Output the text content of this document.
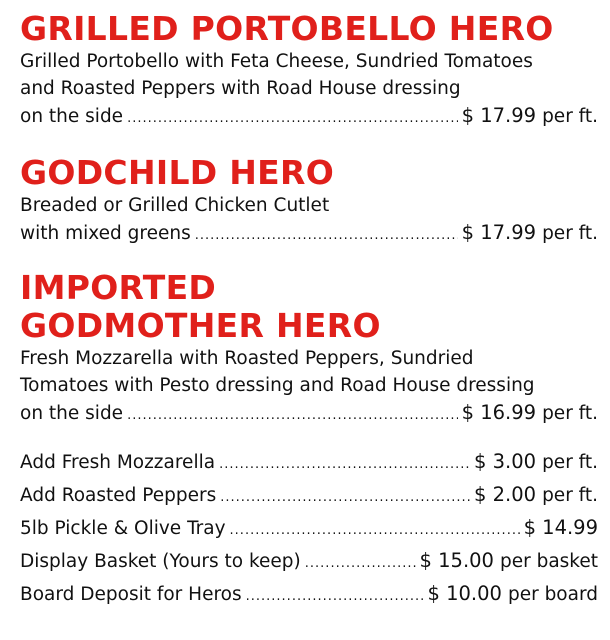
GRILLED PORTOBELLO HERO

Grilled Portobello with Feta Cheese, Sundried Tomatoes

and Roasted Peppers with Road House dressing

on the side .....	$ 17.99 per ft.
GODCHILD HERO

Breaded or Grilled Chicken Cutlet

with mixed greens .....	$ 17.99 per ft.
IMPORTED
GODMOTHER HERO

Fresh Mozzarella with Roasted Peppers, Sundried

Tomatoes with Pesto dressing and Road House dressing

on the side .....	$ 16.99 per ft.
Add Fresh Mozzarella .....	$ 3.00 per ft.
Add Roasted Peppers .....	$ 2.00 per ft.
5lb Pickle & Olive Tray .....	$ 14.99
Display Basket (Yours to keep) .....	$ 15.00 per basket
Board Deposit for Heros .....	$ 10.00 per board
